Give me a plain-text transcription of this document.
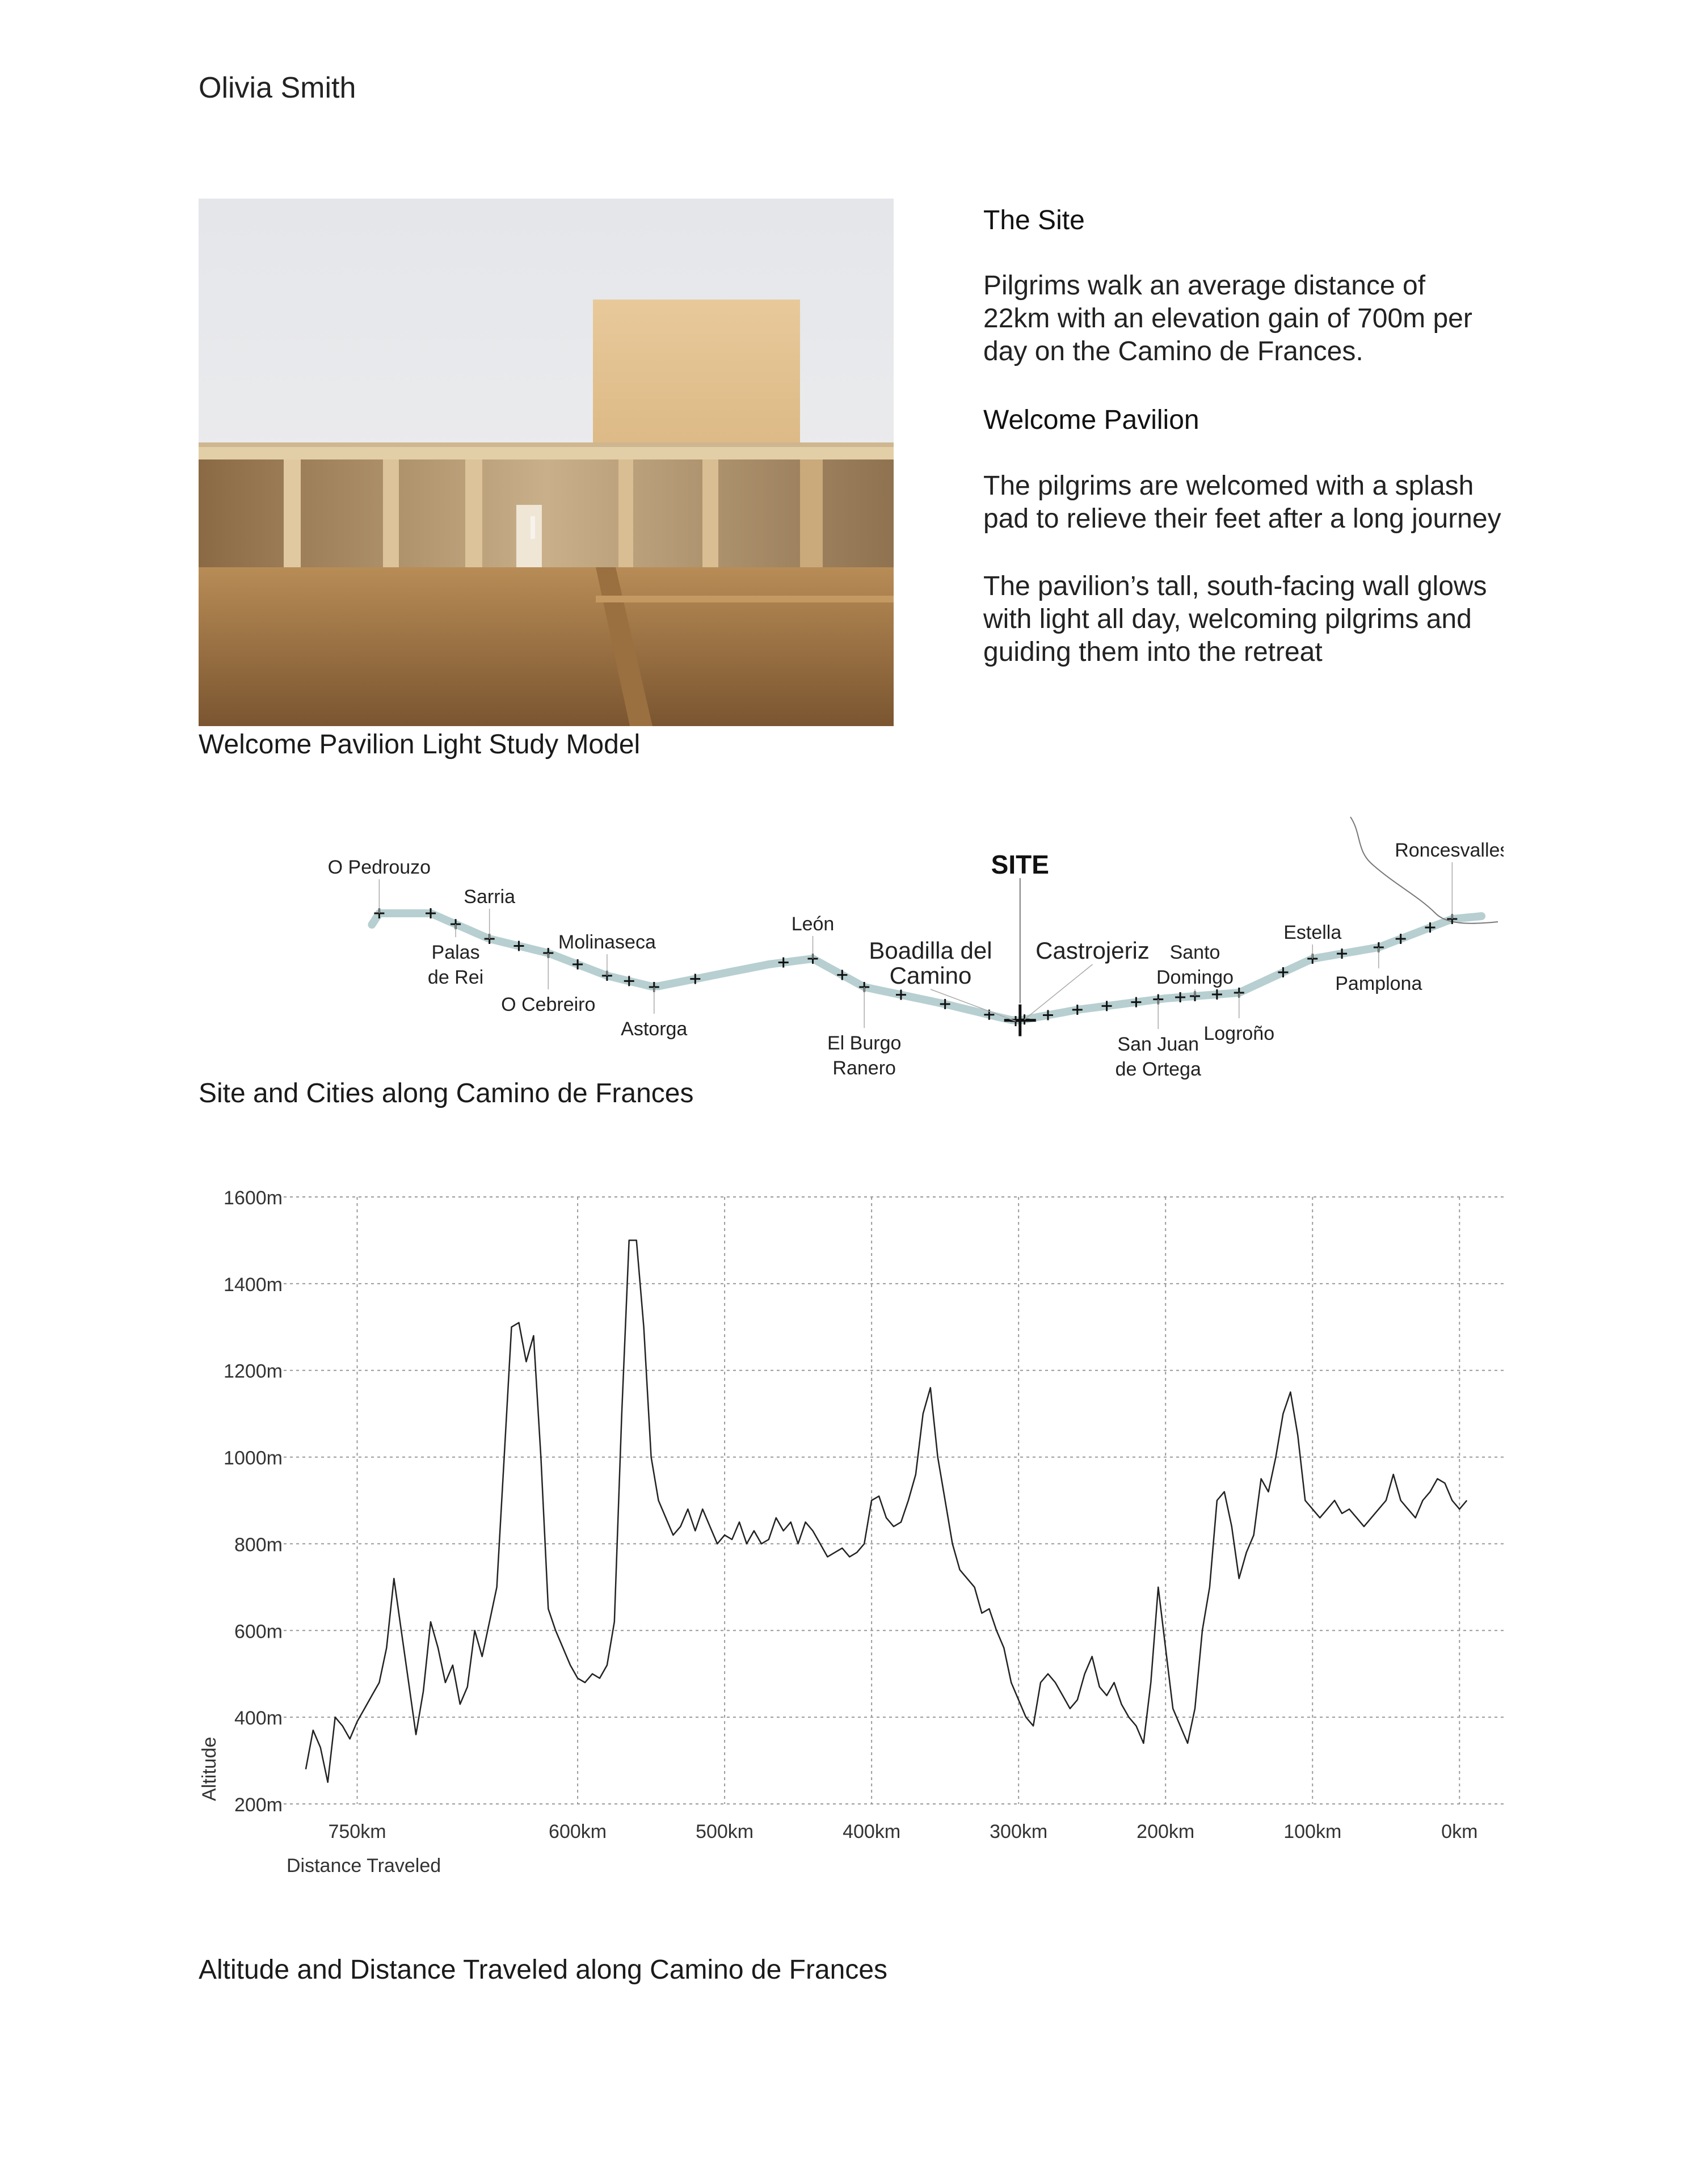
Olivia Smith
Welcome Pavilion Light Study Model
The Site
Pilgrims walk an average distance of
22km with an elevation gain of 700m per
day on the Camino de Frances.
Welcome Pavilion
The pilgrims are welcomed with a splash
pad to relieve their feet after a long journey
The pavilion’s tall, south-facing wall glows
with light all day, welcoming pilgrims and
guiding them into the retreat
SITE
O Pedrouzo
Palas
de Rei
Sarria
O Cebreiro
Molinaseca
Astorga
León
El Burgo
Ranero
Boadilla del
Camino
Castrojeriz
San Juan
de Ortega
Santo
Domingo
Logroño
Estella
Pamplona
Roncesvalles
Site and Cities along Camino de Frances
1600m
1400m
1200m
1000m
800m
600m
400m
200m
750km	600km	500km	400km	300km	200km	100km	0km
Distance Traveled
Altitude
Altitude and Distance Traveled along Camino de Frances
